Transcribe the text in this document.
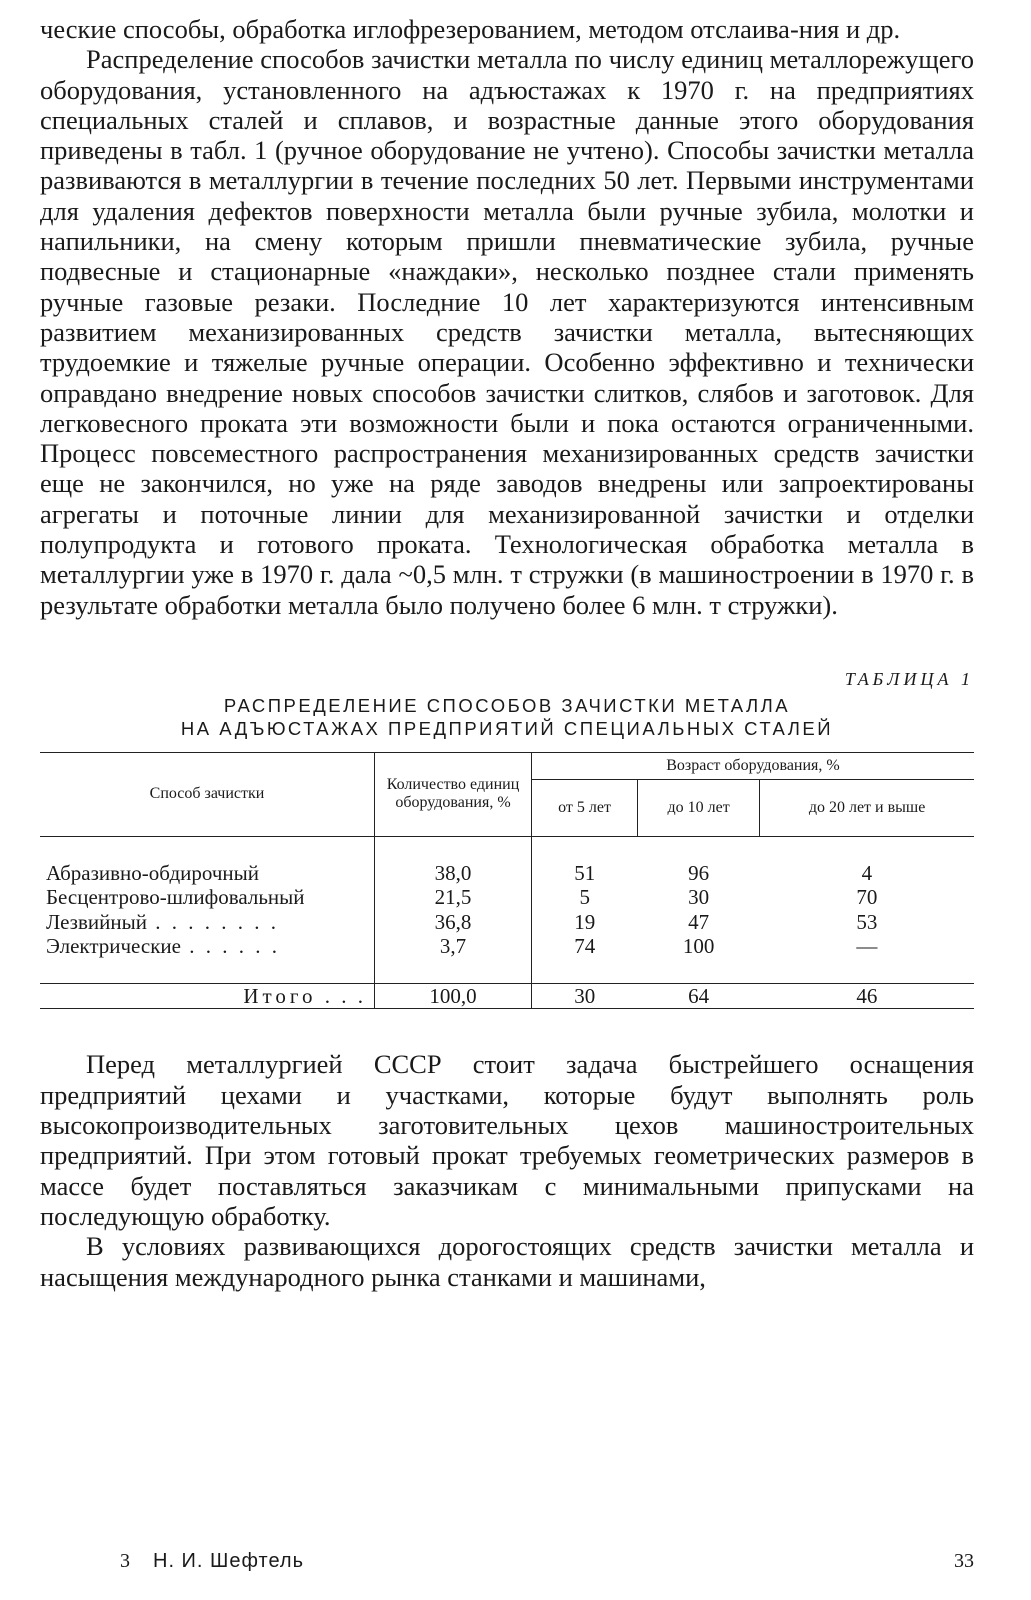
ческие способы, обработка иглофрезерованием, методом отслаива-ния и др.

Распределение способов зачистки металла по числу единиц металлорежущего оборудования, установленного на адъюстажах к 1970 г. на предприятиях специальных сталей и сплавов, и возрастные данные этого оборудования приведены в табл. 1 (ручное оборудование не учтено). Способы зачистки металла развиваются в металлургии в течение последних 50 лет. Первыми инструментами для удаления дефектов поверхности металла были ручные зубила, молотки и напильники, на смену которым пришли пневматические зубила, ручные подвесные и стационарные «наждаки», несколько позднее стали применять ручные газовые резаки. Последние 10 лет характеризуются интенсивным развитием механизированных средств зачистки металла, вытесняющих трудоемкие и тяжелые ручные операции. Особенно эффективно и технически оправдано внедрение новых способов зачистки слитков, слябов и заготовок. Для легковесного проката эти возможности были и пока остаются ограниченными. Процесс повсеместного распространения механизированных средств зачистки еще не закончился, но уже на ряде заводов внедрены или запроектированы агрегаты и поточные линии для механизированной зачистки и отделки полупродукта и готового проката. Технологическая обработка металла в металлургии уже в 1970 г. дала ~0,5 млн. т стружки (в машиностроении в 1970 г. в результате обработки металла было получено более 6 млн. т стружки).

ТАБЛИЦА 1
РАСПРЕДЕЛЕНИЕ СПОСОБОВ ЗАЧИСТКИ МЕТАЛЛА
НА АДЪЮСТАЖАХ ПРЕДПРИЯТИЙ СПЕЦИАЛЬНЫХ СТАЛЕЙ
Способ зачистки	Количество единиц оборудования, %	Возраст оборудования, %		
		от 5 лет	до 10 лет	до 20 лет и выше

Абразивно-обдирочный	38,0	51	96	4
Бесцентрово-шлифовальный	21,5	5	30	70
Лезвийный . . . . . . . .	36,8	19	47	53
Электрические . . . . . .	3,7	74	100	—

Итого . . .	100,0	30	64	46

Перед металлургией СССР стоит задача быстрейшего оснащения предприятий цехами и участками, которые будут выполнять роль высокопроизводительных заготовительных цехов машиностроительных предприятий. При этом готовый прокат требуемых геометрических размеров в массе будет поставляться заказчикам с минимальными припусками на последующую обработку.

В условиях развивающихся дорогостоящих средств зачистки металла и насыщения международного рынка станками и машинами,

3 Н. И. Шефтель	33
